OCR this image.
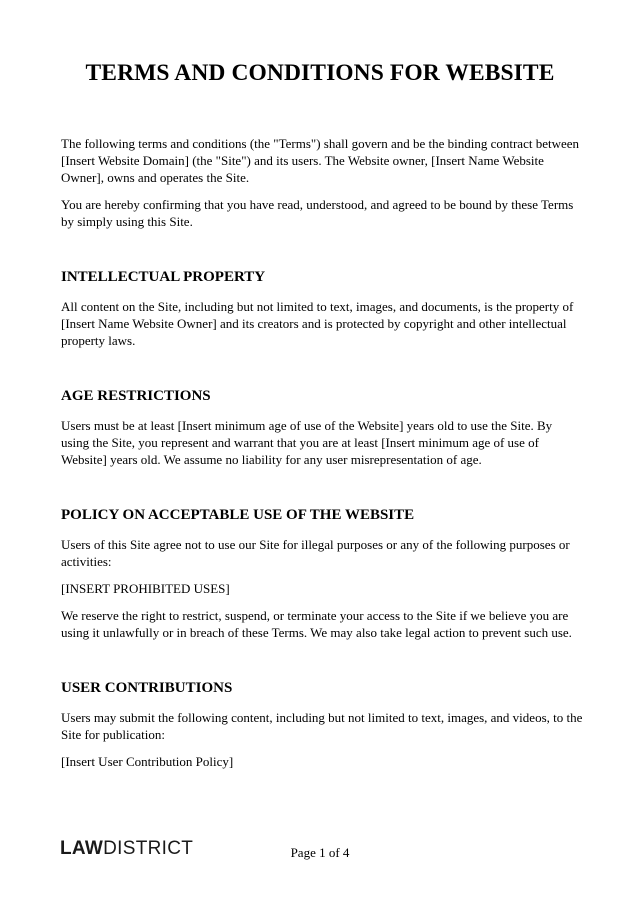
TERMS AND CONDITIONS FOR WEBSITE

The following terms and conditions (the "Terms") shall govern and be the binding contract between [Insert Website Domain] (the "Site") and its users. The Website owner, [Insert Name Website Owner], owns and operates the Site.

You are hereby confirming that you have read, understood, and agreed to be bound by these Terms by simply using this Site.

INTELLECTUAL PROPERTY

All content on the Site, including but not limited to text, images, and documents, is the property of [Insert Name Website Owner] and its creators and is protected by copyright and other intellectual property laws.

AGE RESTRICTIONS

Users must be at least [Insert minimum age of use of the Website] years old to use the Site. By using the Site, you represent and warrant that you are at least [Insert minimum age of use of Website] years old. We assume no liability for any user misrepresentation of age.

POLICY ON ACCEPTABLE USE OF THE WEBSITE

Users of this Site agree not to use our Site for illegal purposes or any of the following purposes or activities:

[INSERT PROHIBITED USES]

We reserve the right to restrict, suspend, or terminate your access to the Site if we believe you are using it unlawfully or in breach of these Terms. We may also take legal action to prevent such use.

USER CONTRIBUTIONS

Users may submit the following content, including but not limited to text, images, and videos, to the Site for publication:

[Insert User Contribution Policy]

LAWDISTRICT	Page 1 of 4
